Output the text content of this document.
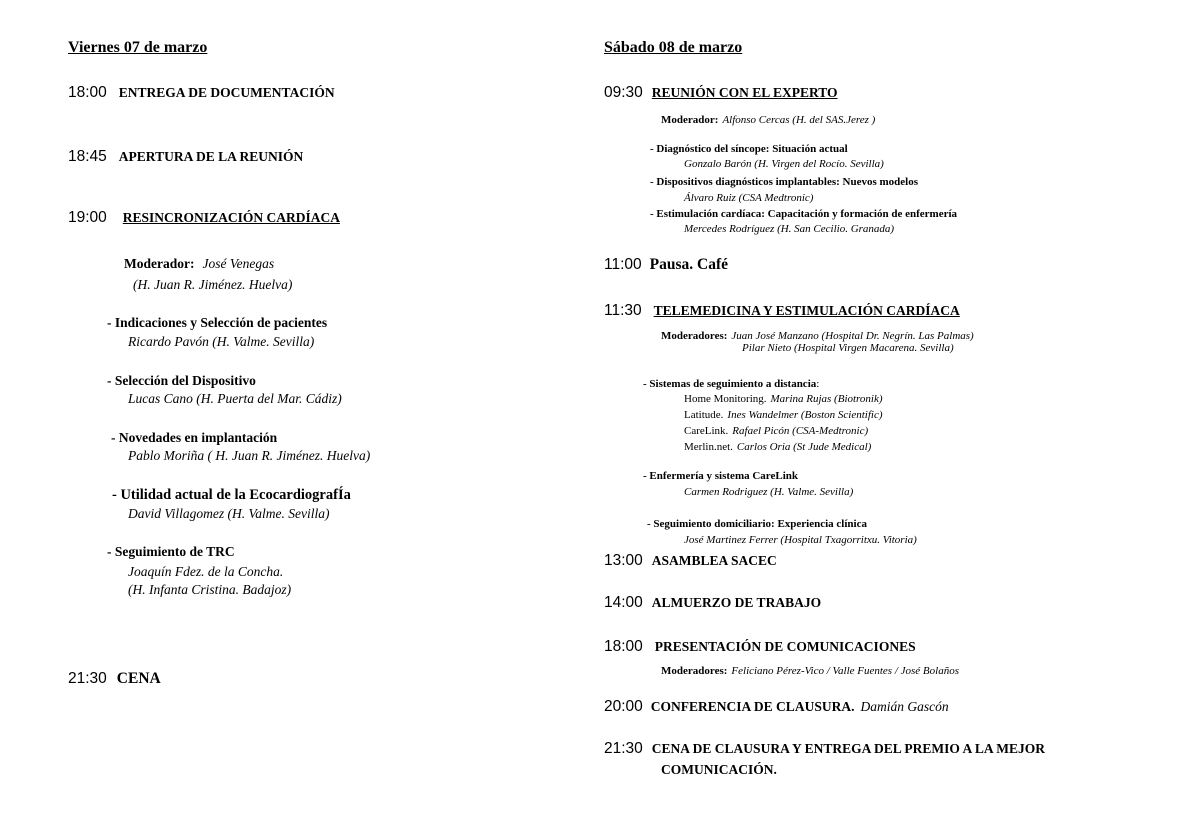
Viernes 07 de marzo
18:00 ENTREGA DE DOCUMENTACIÓN
18:45 APERTURA DE LA REUNIÓN
19:00 RESINCRONIZACIÓN CARDÍACA
Moderador: José Venegas
(H. Juan R. Jiménez. Huelva)
- Indicaciones y Selección de pacientes
Ricardo Pavón (H. Valme. Sevilla)
- Selección del Dispositivo
Lucas Cano (H. Puerta del Mar. Cádiz)
- Novedades en implantación
Pablo Moriña ( H. Juan R. Jiménez. Huelva)
- Utilidad actual de la EcocardiografÍa
David Villagomez (H. Valme. Sevilla)
- Seguimiento de TRC
Joaquín Fdez. de la Concha.
(H. Infanta Cristina. Badajoz)
21:30 CENA
Sábado 08 de marzo
09:30 REUNIÓN CON EL EXPERTO
Moderador: Alfonso Cercas (H. del SAS.Jerez )
- Diagnóstico del síncope: Situación actual
Gonzalo Barón (H. Virgen del Rocío. Sevilla)
- Dispositivos diagnósticos implantables: Nuevos modelos
Álvaro Ruiz (CSA Medtronic)
- Estimulación cardíaca: Capacitación y formación de enfermería
Mercedes Rodríguez (H. San Cecilio. Granada)
11:00 Pausa. Café
11:30 TELEMEDICINA Y ESTIMULACIÓN CARDÍACA
Moderadores: Juan José Manzano (Hospital Dr. Negrín. Las Palmas)
Pilar Nieto (Hospital Virgen Macarena. Sevilla)
- Sistemas de seguimiento a distancia:
Home Monitoring. Marina Rujas (Biotronik)
Latitude. Ines Wandelmer (Boston Scientific)
CareLink. Rafael Picón (CSA-Medtronic)
Merlin.net. Carlos Oria (St Jude Medical)
- Enfermería y sistema CareLink
Carmen Rodriguez (H. Valme. Sevilla)
- Seguimiento domiciliario: Experiencia clínica
José Martinez Ferrer (Hospital Txagorritxu. Vitoria)
13:00 ASAMBLEA SACEC
14:00 ALMUERZO DE TRABAJO
18:00 PRESENTACIÓN DE COMUNICACIONES
Moderadores: Feliciano Pérez-Vico / Valle Fuentes / José Bolaños
20:00 CONFERENCIA DE CLAUSURA. Damián Gascón
21:30 CENA DE CLAUSURA Y ENTREGA DEL PREMIO A LA MEJOR
COMUNICACIÓN.
